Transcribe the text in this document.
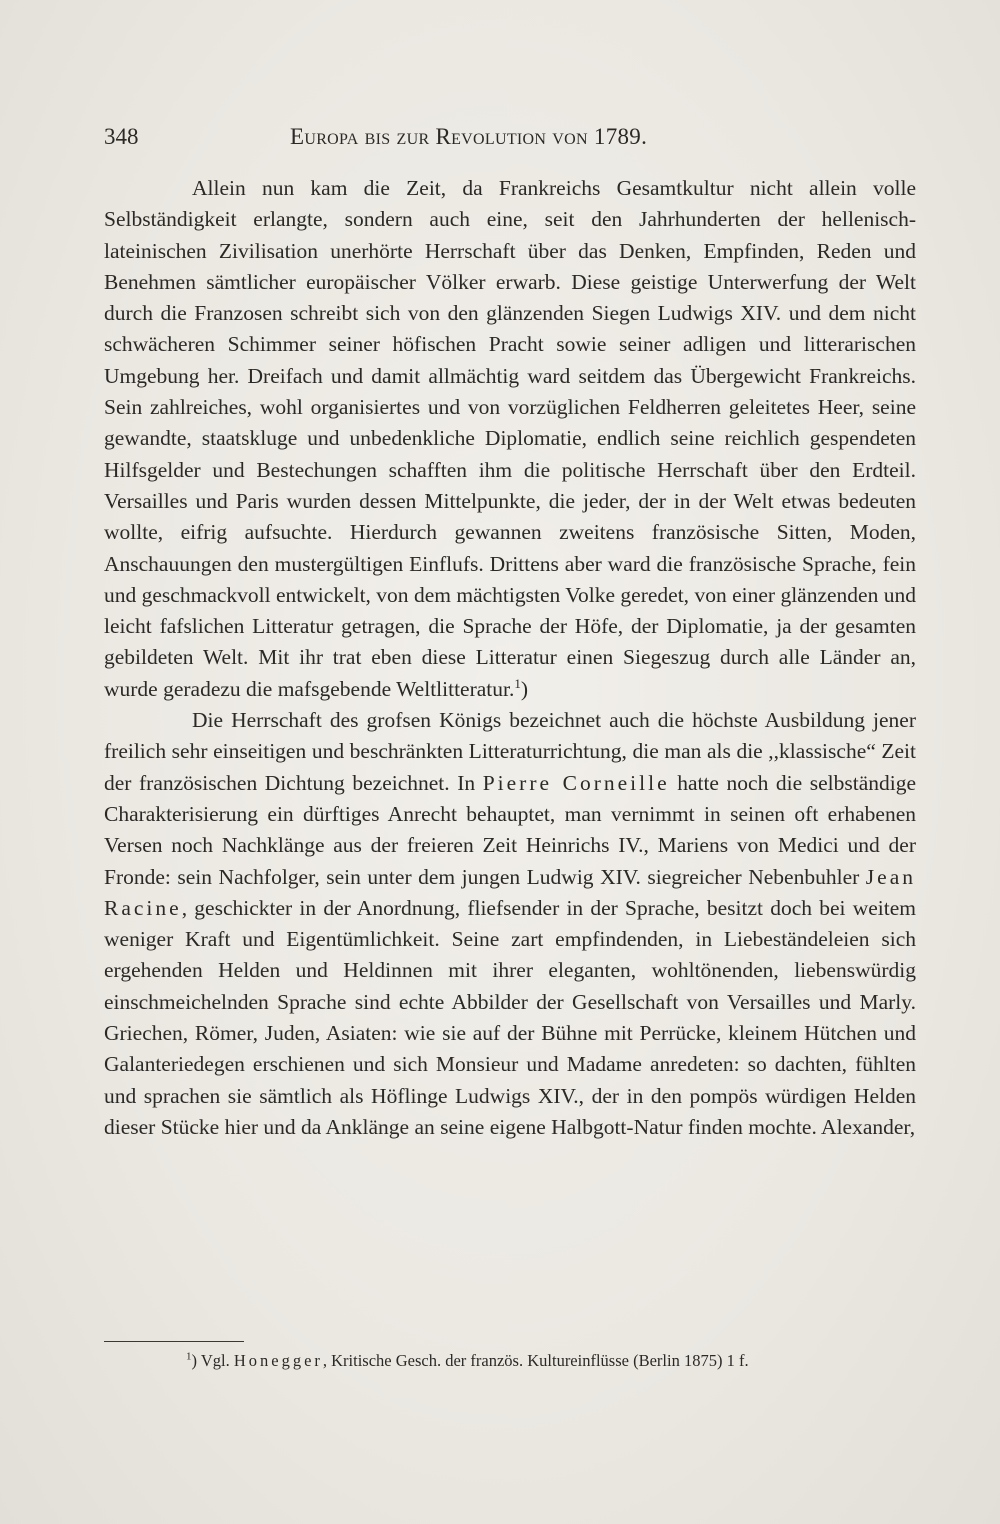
348	Europa bis zur Revolution von 1789.

Allein nun kam die Zeit, da Frankreichs Gesamtkultur nicht allein volle Selbständigkeit erlangte, sondern auch eine, seit den Jahrhunderten der hellenisch-lateinischen Zivilisation unerhörte Herrschaft über das Denken, Empfinden, Reden und Benehmen sämtlicher europäischer Völker erwarb. Diese geistige Unterwerfung der Welt durch die Franzosen schreibt sich von den glänzenden Siegen Ludwigs XIV. und dem nicht schwächeren Schimmer seiner höfischen Pracht sowie seiner adligen und litterarischen Umgebung her. Dreifach und damit allmächtig ward seitdem das Übergewicht Frankreichs. Sein zahlreiches, wohl organisiertes und von vorzüglichen Feldherren geleitetes Heer, seine gewandte, staatskluge und unbedenkliche Diplomatie, endlich seine reichlich gespendeten Hilfsgelder und Bestechungen schafften ihm die politische Herrschaft über den Erdteil. Versailles und Paris wurden dessen Mittelpunkte, die jeder, der in der Welt etwas bedeuten wollte, eifrig aufsuchte. Hierdurch gewannen zweitens französische Sitten, Moden, Anschauungen den mustergültigen Einflufs. Drittens aber ward die französische Sprache, fein und geschmackvoll entwickelt, von dem mächtigsten Volke geredet, von einer glänzenden und leicht fafslichen Litteratur getragen, die Sprache der Höfe, der Diplomatie, ja der gesamten gebildeten Welt. Mit ihr trat eben diese Litteratur einen Siegeszug durch alle Länder an, wurde geradezu die mafsgebende Weltlitteratur.$^1$)

Die Herrschaft des grofsen Königs bezeichnet auch die höchste Ausbildung jener freilich sehr einseitigen und beschränkten Litteraturrichtung, die man als die ,,klassische“ Zeit der französischen Dichtung bezeichnet. In Pierre Corneille hatte noch die selbständige Charakterisierung ein dürftiges Anrecht behauptet, man vernimmt in seinen oft erhabenen Versen noch Nachklänge aus der freieren Zeit Heinrichs IV., Mariens von Medici und der Fronde: sein Nachfolger, sein unter dem jungen Ludwig XIV. siegreicher Nebenbuhler Jean Racine, geschickter in der Anordnung, fliefsender in der Sprache, besitzt doch bei weitem weniger Kraft und Eigentümlichkeit. Seine zart empfindenden, in Liebeständeleien sich ergehenden Helden und Heldinnen mit ihrer eleganten, wohltönenden, liebenswürdig einschmeichelnden Sprache sind echte Abbilder der Gesellschaft von Versailles und Marly. Griechen, Römer, Juden, Asiaten: wie sie auf der Bühne mit Perrücke, kleinem Hütchen und Galanteriedegen erschienen und sich Monsieur und Madame anredeten: so dachten, fühlten und sprachen sie sämtlich als Höflinge Ludwigs XIV., der in den pompös würdigen Helden dieser Stücke hier und da Anklänge an seine eigene Halbgott-Natur finden mochte. Alexander,

$^1$) Vgl. Honegger, Kritische Gesch. der französ. Kultureinflüsse (Berlin 1875) 1 f.
